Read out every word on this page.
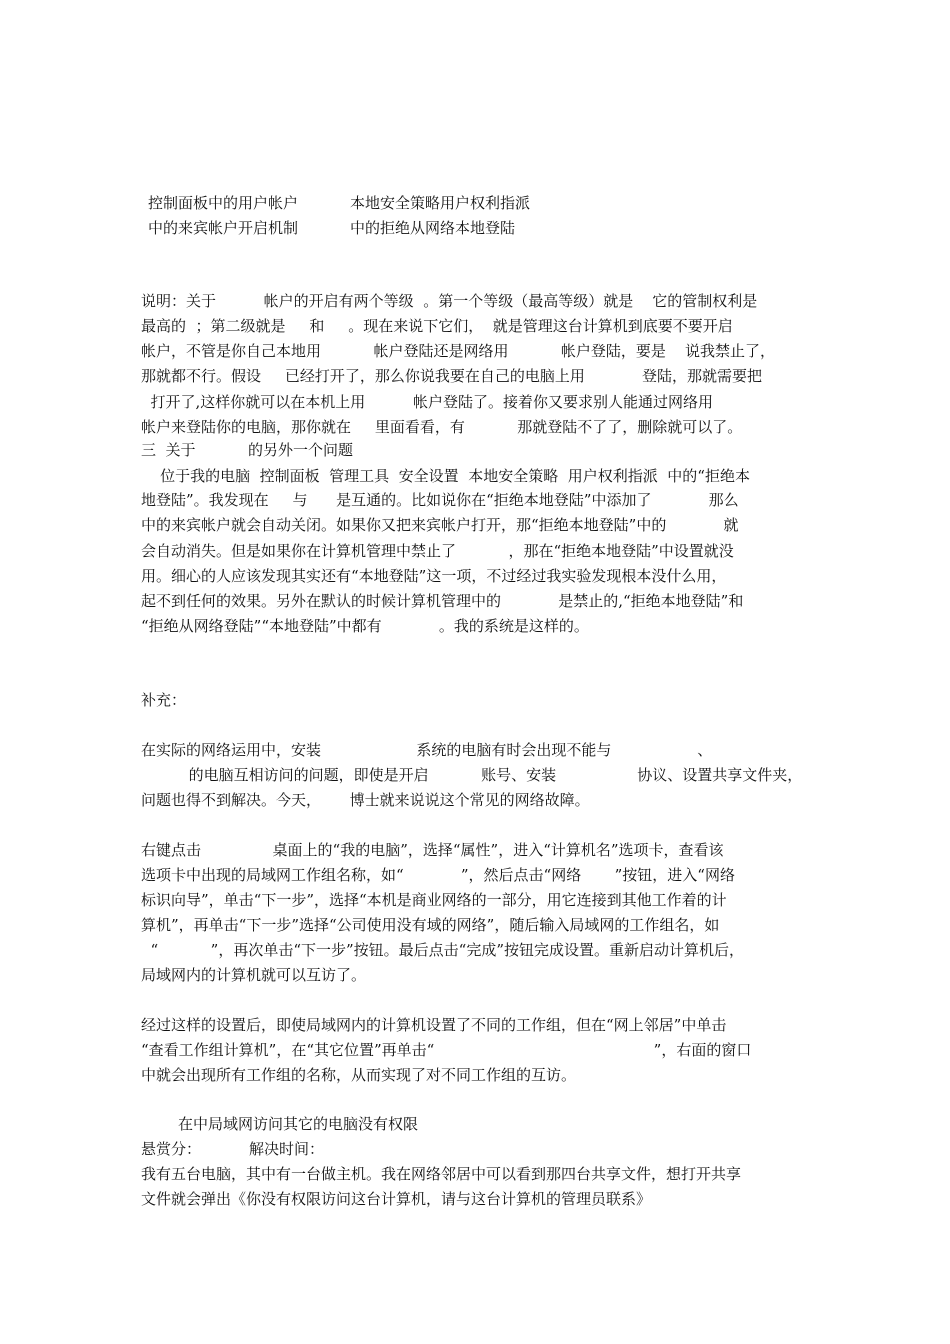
控制面板中的用户帐户
中的来宾帐户开启机制
本地安全策略用户权利指派
中的拒绝从网络本地登陆
说明：关于          帐户的开启有两个等级  。第一个等级（最高等级）就是    它的管制权利是
最高的  ；第二级就是     和     。现在来说下它们，  就是管理这台计算机到底要不要开启
帐户，不管是你自己本地用           帐户登陆还是网络用           帐户登陆，要是    说我禁止了，
那就都不行。假设     已经打开了，那么你说我要在自己的电脑上用            登陆，那就需要把
打开了,这样你就可以在本机上用          帐户登陆了。接着你又要求别人能通过网络用
帐户来登陆你的电脑，那你就在     里面看看，有           那就登陆不了了，删除就可以了。
三  关于           的另外一个问题
位于我的电脑  控制面板  管理工具  安全设置  本地安全策略  用户权利指派  中的“拒绝本
地登陆”。我发现在     与      是互通的。比如说你在“拒绝本地登陆”中添加了            那么
中的来宾帐户就会自动关闭。如果你又把来宾帐户打开，那“拒绝本地登陆”中的            就
会自动消失。但是如果你在计算机管理中禁止了           ，那在“拒绝本地登陆”中设置就没
用。细心的人应该发现其实还有“本地登陆”这一项，不过经过我实验发现根本没什么用，
起不到任何的效果。另外在默认的时候计算机管理中的            是禁止的,“拒绝本地登陆”和
“拒绝从网络登陆”“本地登陆”中都有            。我的系统是这样的。
补充：
在实际的网络运用中，安装                    系统的电脑有时会出现不能与                  、
的电脑互相访问的问题，即使是开启           账号、安装                 协议、设置共享文件夹，
问题也得不到解决。今天，      博士就来说说这个常见的网络故障。
右键点击               桌面上的“我的电脑”，选择“属性”，进入“计算机名”选项卡，查看该
选项卡中出现的局域网工作组名称，如“            ”，然后点击“网络       ”按钮，进入“网络
标识向导”，单击“下一步”，选择“本机是商业网络的一部分，用它连接到其他工作着的计
算机”，再单击“下一步”选择“公司使用没有域的网络”，随后输入局域网的工作组名，如
“           ”，再次单击“下一步”按钮。最后点击“完成”按钮完成设置。重新启动计算机后，
局域网内的计算机就可以互访了。
经过这样的设置后，即使局域网内的计算机设置了不同的工作组，但在“网上邻居”中单击
“查看工作组计算机”，在“其它位置”再单击“                                              ”，右面的窗口
中就会出现所有工作组的名称，从而实现了对不同工作组的互访。
在中局域网访问其它的电脑没有权限
悬赏分：	解决时间：
我有五台电脑，其中有一台做主机。我在网络邻居中可以看到那四台共享文件，想打开共享
文件就会弹出《你没有权限访问这台计算机，请与这台计算机的管理员联系》
